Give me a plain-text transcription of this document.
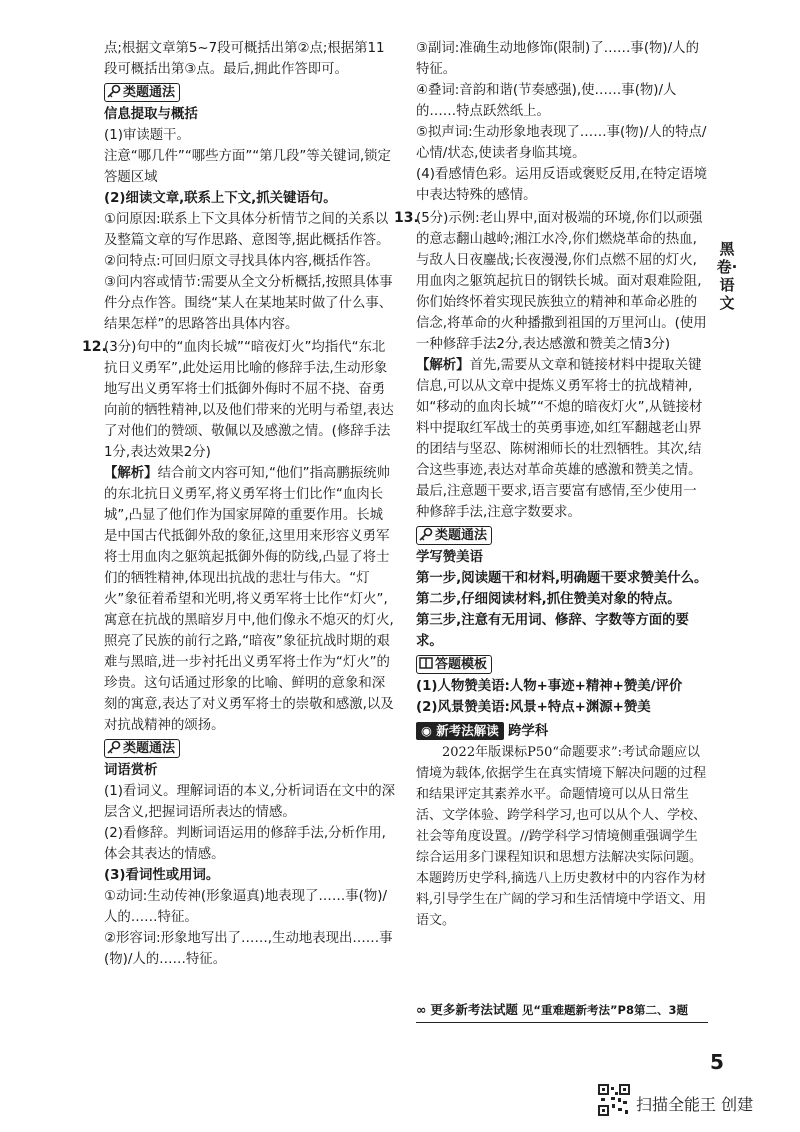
点;根据文章第5~7段可概括出第②点;根据第11段可概括出第③点。最后,拥此作答即可。

类题通法

信息提取与概括

(1)审读题干。

注意“哪几件”“哪些方面”“第几段”等关键词,锁定答题区域

(2)细读文章,联系上下文,抓关键语句。

①问原因:联系上下文具体分析情节之间的关系以及整篇文章的写作思路、意图等,据此概括作答。

②问特点:可回归原文寻找具体内容,概括作答。

③问内容或情节:需要从全文分析概括,按照具体事件分点作答。围绕“某人在某地某时做了什么事、结果怎样”的思路答出具体内容。

12.

(3分)句中的“血肉长城”“暗夜灯火”均指代“东北抗日义勇军”,此处运用比喻的修辞手法,生动形象地写出义勇军将士们抵御外侮时不屈不挠、奋勇向前的牺牲精神,以及他们带来的光明与希望,表达了对他们的赞颂、敬佩以及感激之情。(修辞手法1分,表达效果2分)

【解析】结合前文内容可知,“他们”指高鹏振统帅的东北抗日义勇军,将义勇军将士们比作“血肉长城”,凸显了他们作为国家屏障的重要作用。长城是中国古代抵御外敌的象征,这里用来形容义勇军将士用血肉之躯筑起抵御外侮的防线,凸显了将士们的牺牲精神,体现出抗战的悲壮与伟大。“灯火”象征着希望和光明,将义勇军将士比作“灯火”,寓意在抗战的黑暗岁月中,他们像永不熄灭的灯火,照亮了民族的前行之路,“暗夜”象征抗战时期的艰难与黑暗,进一步衬托出义勇军将士作为“灯火”的珍贵。这句话通过形象的比喻、鲜明的意象和深刻的寓意,表达了对义勇军将士的崇敬和感激,以及对抗战精神的颂扬。

类题通法

词语赏析

(1)看词义。理解词语的本义,分析词语在文中的深层含义,把握词语所表达的情感。

(2)看修辞。判断词语运用的修辞手法,分析作用,体会其表达的情感。

(3)看词性或用词。

①动词:生动传神(形象逼真)地表现了……事(物)/人的……特征。

②形容词:形象地写出了……,生动地表现出……事(物)/人的……特征。

③副词:准确生动地修饰(限制)了……事(物)/人的特征。

④叠词:音韵和谐(节奏感强),使……事(物)/人的……特点跃然纸上。

⑤拟声词:生动形象地表现了……事(物)/人的特点/心情/状态,使读者身临其境。

(4)看感情色彩。运用反语或褒贬反用,在特定语境中表达特殊的感情。

13.

(5分)示例:老山界中,面对极端的环境,你们以顽强的意志翻山越岭;湘江水冷,你们燃烧革命的热血,与敌人日夜鏖战;长夜漫漫,你们点燃不屈的灯火,用血肉之躯筑起抗日的钢铁长城。面对艰难险阻,你们始终怀着实现民族独立的精神和革命必胜的信念,将革命的火种播撒到祖国的万里河山。(使用一种修辞手法2分,表达感激和赞美之情3分)

【解析】首先,需要从文章和链接材料中提取关键信息,可以从文章中提炼义勇军将士的抗战精神,如“移动的血肉长城”“不熄的暗夜灯火”,从链接材料中提取红军战士的英勇事迹,如红军翻越老山界的团结与坚忍、陈树湘师长的壮烈牺牲。其次,结合这些事迹,表达对革命英雄的感激和赞美之情。最后,注意题干要求,语言要富有感情,至少使用一种修辞手法,注意字数要求。

类题通法

学写赞美语

第一步,阅读题干和材料,明确题干要求赞美什么。

第二步,仔细阅读材料,抓住赞美对象的特点。

第三步,注意有无用词、修辞、字数等方面的要求。

答题模板

(1)人物赞美语:人物+事迹+精神+赞美/评价

(2)风景赞美语:风景+特点+渊源+赞美

◉ 新考法解读 跨学科

2022年版课标P50“命题要求”:考试命题应以情境为载体,依据学生在真实情境下解决问题的过程和结果评定其素养水平。命题情境可以从日常生活、文学体验、跨学科学习,也可以从个人、学校、社会等角度设置。//跨学科学习情境侧重强调学生综合运用多门课程知识和思想方法解决实际问题。本题跨历史学科,摘选八上历史教材中的内容作为材料,引导学生在广阔的学习和生活情境中学语文、用语文。

∞ 更多新考法试题 见“重难题新考法”P8第二、3题
黑卷·语文
5
扫描全能王 创建
